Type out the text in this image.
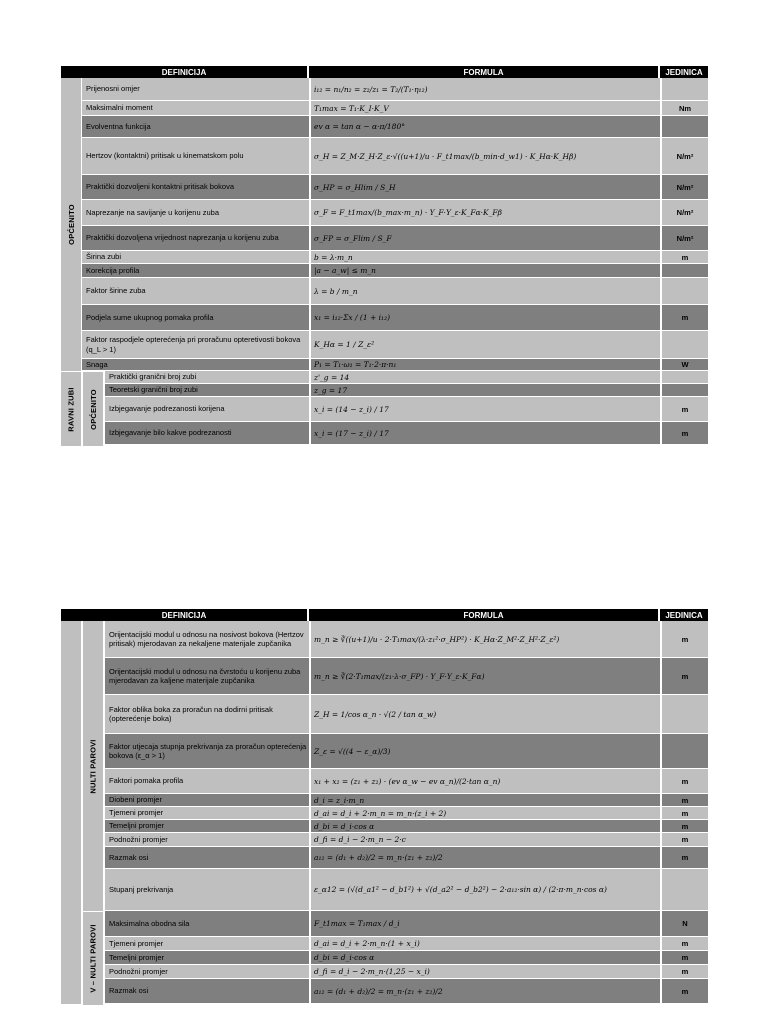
DEFINICIJA	FORMULA	JEDINICA
OPĆENITO
RAVNI ZUBI OPĆENITO
Prijenosni omjer	i₁₂ = n₁/n₂ = z₂/z₁ = T₂/(T₁·η₁₂)
Maksimalni moment	T₁max = T₁·K_I·K_V	Nm
Evolventna funkcija	ev α = tan α − α·π/180°
Hertzov (kontaktni) pritisak u kinematskom polu	σ_H = Z_M·Z_H·Z_ε·√((u+1)/u · F_t1max/(b_min·d_w1) · K_Hα·K_Hβ)	N/m²
Praktički dozvoljeni kontaktni pritisak bokova	σ_HP = σ_Hlim / S_H	N/m²
Naprezanje na savijanje u korijenu zuba	σ_F = F_t1max/(b_max·m_n) · Y_F·Y_ε·K_Fα·K_Fβ	N/m²
Praktički dozvoljena vrijednost naprezanja u korijenu zuba	σ_FP = σ_Flim / S_F	N/m²
Širina zubi	b = λ·m_n	m
Korekcija profila	|a − a_w| ≤ m_n
Faktor širine zuba	λ = b / m_n
Podjela sume ukupnog pomaka profila	x₁ = i₁₂·Σx / (1 + i₁₂)	m
Faktor raspodjele opterećenja pri proračunu opteretivosti bokova (q_L > 1)	K_Hα = 1 / Z_ε²
Snaga	P₁ = T₁·ω₁ = T₁·2·π·n₁	W
Praktički granični broj zubi	z'_g = 14
Teoretski granični broj zubi	z_g = 17
Izbjegavanje podrezanosti korijena	x_i = (14 − z_i) / 17	m
Izbjegavanje bilo kakve podrezanosti	x_i = (17 − z_i) / 17	m
DEFINICIJA	FORMULA	JEDINICA
NULTI PAROVI
V – NULTI PAROVI
Orijentacijski modul u odnosu na nosivost bokova (Hertzov pritisak) mjerodavan za nekaljene materijale zupčanika	m_n ≥ ∛((u+1)/u · 2·T₁max/(λ·z₁²·σ_HP²) · K_Hα·Z_M²·Z_H²·Z_ε²)	m
Orijentacijski modul u odnosu na čvrstoću u korijenu zuba mjerodavan za kaljene materijale zupčanika	m_n ≥ ∛(2·T₁max/(z₁·λ·σ_FP) · Y_F·Y_ε·K_Fα)	m
Faktor oblika boka za proračun na dodirni pritisak (opterećenje boka)	Z_H = 1/cos α_n · √(2 / tan α_w)
Faktor utjecaja stupnja prekrivanja za proračun opterećenja bokova (ε_α > 1)	Z_ε = √((4 − ε_α)/3)
Faktori pomaka profila	x₁ + x₂ = (z₁ + z₂) · (ev α_w − ev α_n)/(2·tan α_n)	m
Diobeni promjer	d_i = z_i·m_n	m
Tjemeni promjer	d_ai = d_i + 2·m_n = m_n·(z_i + 2)	m
Temeljni promjer	d_bi = d_i·cos α	m
Podnožni promjer	d_fi = d_i − 2·m_n − 2·c	m
Razmak osi	a₁₂ = (d₁ + d₂)/2 = m_n·(z₁ + z₂)/2	m
Stupanj prekrivanja	ε_α12 = (√(d_a1² − d_b1²) + √(d_a2² − d_b2²) − 2·a₁₂·sin α) / (2·π·m_n·cos α)
Maksimalna obodna sila	F_t1max = T₁max / d_i	N
Tjemeni promjer	d_ai = d_i + 2·m_n·(1 + x_i)	m
Temeljni promjer	d_bi = d_i·cos α	m
Podnožni promjer	d_fi = d_i − 2·m_n·(1,25 − x_i)	m
Razmak osi	a₁₂ = (d₁ + d₂)/2 = m_n·(z₁ + z₂)/2	m
